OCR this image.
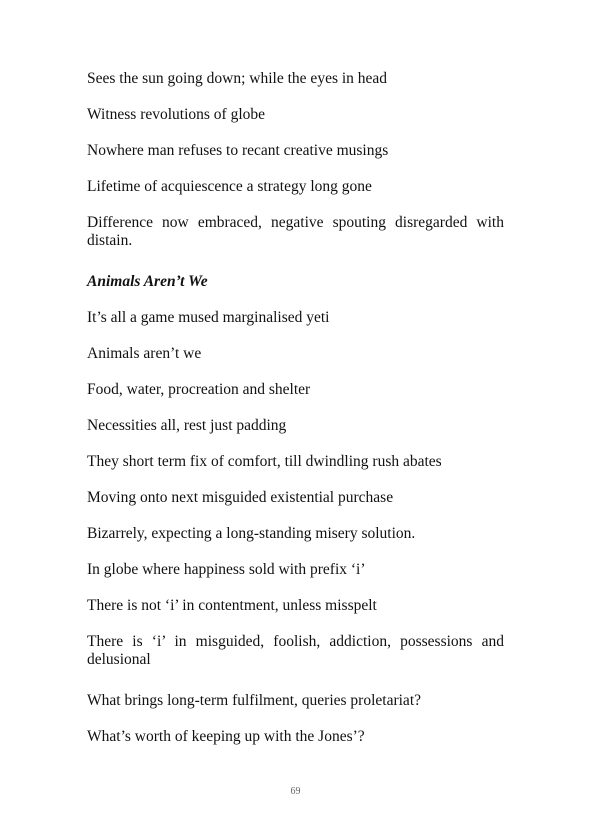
Sees the sun going down; while the eyes in head
Witness revolutions of globe
Nowhere man refuses to recant creative musings
Lifetime of acquiescence a strategy long gone
Difference now embraced, negative spouting disregarded with distain.
Animals Aren’t We
It’s all a game mused marginalised yeti
Animals aren’t we
Food, water, procreation and shelter
Necessities all, rest just padding
They short term fix of comfort, till dwindling rush abates
Moving onto next misguided existential purchase
Bizarrely, expecting a long-standing misery solution.
In globe where happiness sold with prefix ‘i’
There is not ‘i’ in contentment, unless misspelt
There is ‘i’ in misguided, foolish, addiction, possessions and delusional
What brings long-term fulfilment, queries proletariat?
What’s worth of keeping up with the Jones’?
69
